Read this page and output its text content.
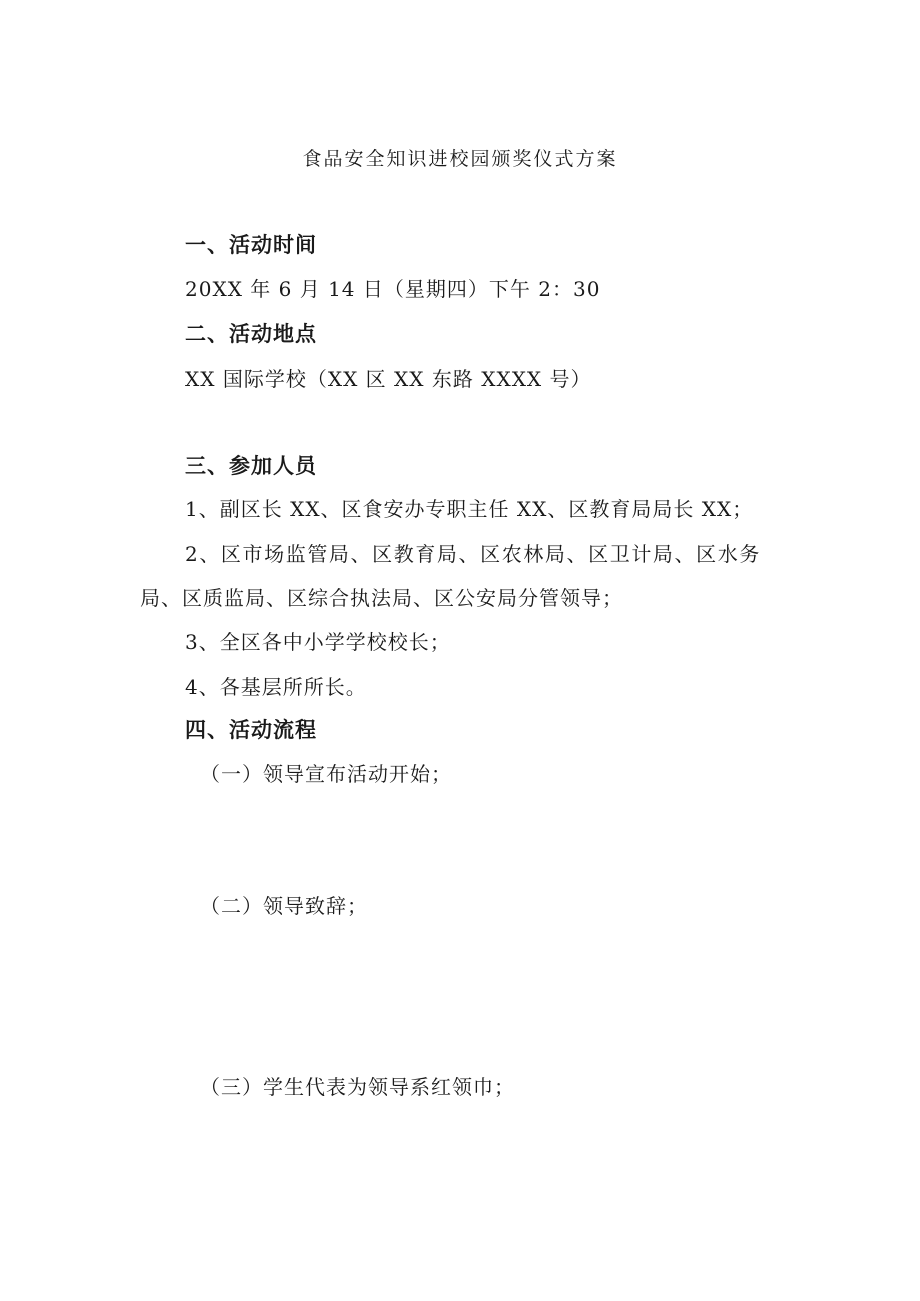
食品安全知识进校园颁奖仪式方案
一、活动时间
20XX 年 6 月 14 日（星期四）下午 2：30
二、活动地点
XX 国际学校（XX 区 XX 东路 XXXX 号）
三、参加人员
1、副区长 XX、区食安办专职主任 XX、区教育局局长 XX；
2、区市场监管局、区教育局、区农林局、区卫计局、区水务
局、区质监局、区综合执法局、区公安局分管领导；
3、全区各中小学学校校长；
4、各基层所所长。
四、活动流程
（一）领导宣布活动开始；
（二）领导致辞；
（三）学生代表为领导系红领巾；
